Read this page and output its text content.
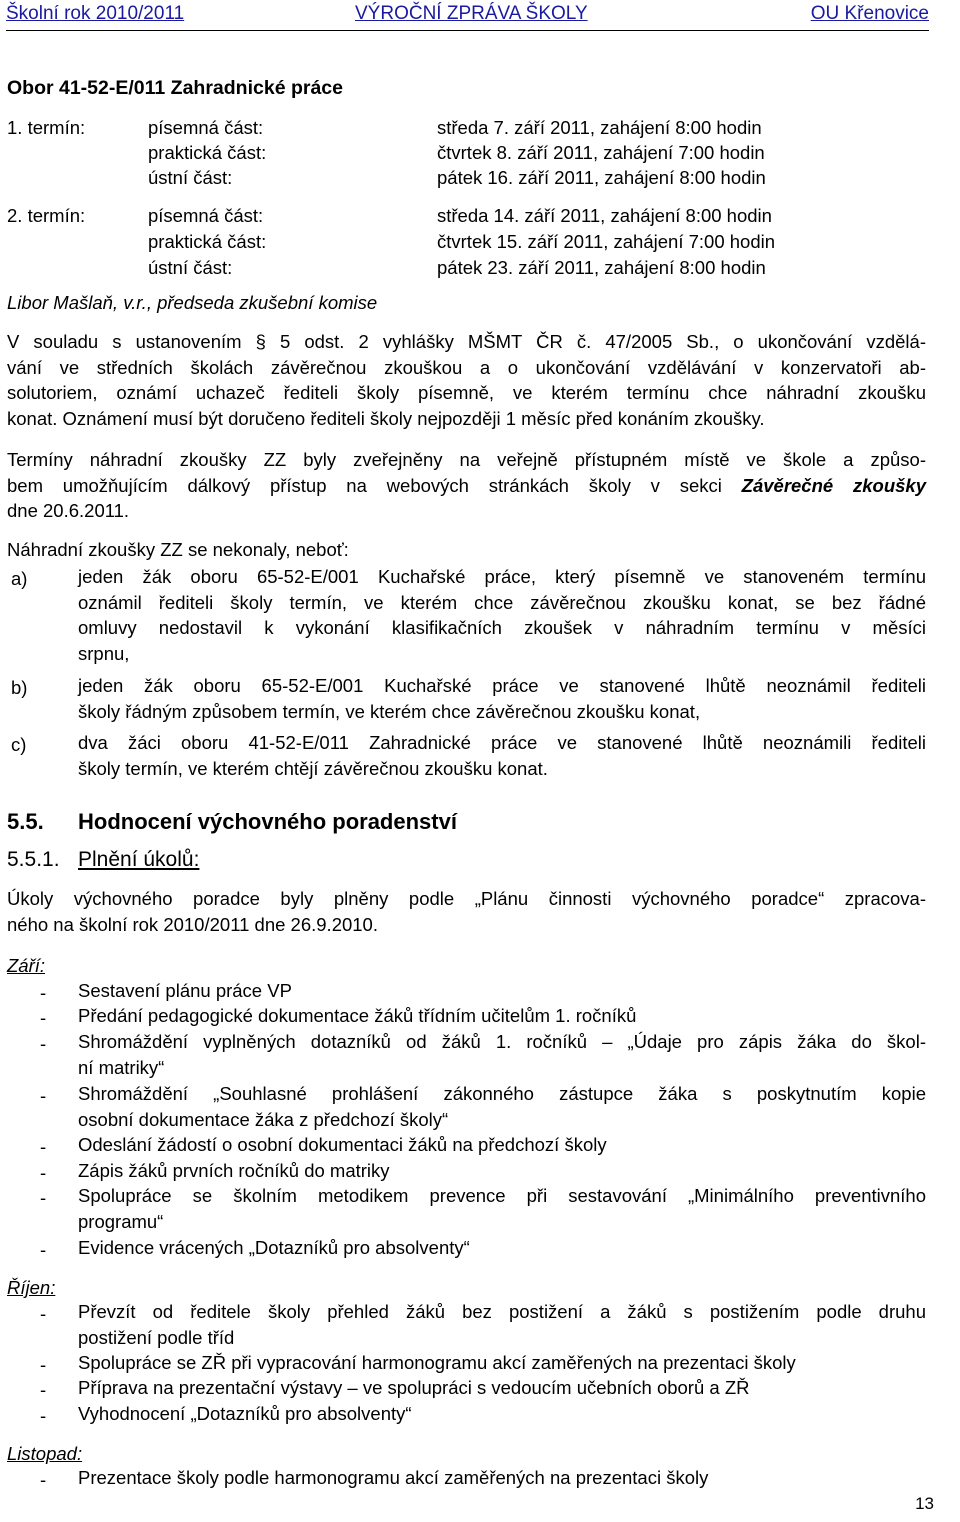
Školní rok 2010/2011	VÝROČNÍ ZPRÁVA ŠKOLY	OU Křenovice
Obor 41-52-E/011 Zahradnické práce
1. termín:	písemná část:	středa 7. září 2011, zahájení 8:00 hodin
praktická část:	čtvrtek 8. září 2011, zahájení 7:00 hodin
ústní část:	pátek 16. září 2011, zahájení 8:00 hodin
2. termín:	písemná část:	středa 14. září 2011, zahájení 8:00 hodin
praktická část:	čtvrtek 15. září 2011, zahájení 7:00 hodin
ústní část:	pátek 23. září 2011, zahájení 8:00 hodin
Libor Mašlaň, v.r., předseda zkušební komise
V souladu s ustanovením § 5 odst. 2 vyhlášky MŠMT ČR č. 47/2005 Sb., o ukončování vzdělá-
vání ve středních školách závěrečnou zkouškou a o ukončování vzdělávání v konzervatoři ab-
solutoriem, oznámí uchazeč řediteli školy písemně, ve kterém termínu chce náhradní zkoušku
konat. Oznámení musí být doručeno řediteli školy nejpozději 1 měsíc před konáním zkoušky.
Termíny náhradní zkoušky ZZ byly zveřejněny na veřejně přístupném místě ve škole a způso-
bem umožňujícím dálkový přístup na webových stránkách školy v sekci Závěrečné zkoušky
dne 20.6.2011.
Náhradní zkoušky ZZ se nekonaly, neboť:
a)	jeden žák oboru 65-52-E/001 Kuchařské práce, který písemně ve stanoveném termínu
oznámil řediteli školy termín, ve kterém chce závěrečnou zkoušku konat, se bez řádné
omluvy nedostavil k vykonání klasifikačních zkoušek v náhradním termínu v měsíci
srpnu,
b)	jeden žák oboru 65-52-E/001 Kuchařské práce ve stanovené lhůtě neoznámil řediteli
školy řádným způsobem termín, ve kterém chce závěrečnou zkoušku konat,
c)	dva žáci oboru 41-52-E/011 Zahradnické práce ve stanovené lhůtě neoznámili řediteli
školy termín, ve kterém chtějí závěrečnou zkoušku konat.
5.5. Hodnocení výchovného poradenství
5.5.1. Plnění úkolů:
Úkoly výchovného poradce byly plněny podle „Plánu činnosti výchovného poradce“ zpracova-
ného na školní rok 2010/2011 dne 26.9.2010.
Září:
- Sestavení plánu práce VP
- Předání pedagogické dokumentace žáků třídním učitelům 1. ročníků
- Shromáždění vyplněných dotazníků od žáků 1. ročníků – „Údaje pro zápis žáka do škol-
ní matriky“
- Shromáždění „Souhlasné prohlášení zákonného zástupce žáka s poskytnutím kopie
osobní dokumentace žáka z předchozí školy“
- Odeslání žádostí o osobní dokumentaci žáků na předchozí školy
- Zápis žáků prvních ročníků do matriky
- Spolupráce se školním metodikem prevence při sestavování „Minimálního preventivního
programu“
- Evidence vrácených „Dotazníků pro absolventy“
Říjen:
- Převzít od ředitele školy přehled žáků bez postižení a žáků s postižením podle druhu
postižení podle tříd
- Spolupráce se ZŘ při vypracování harmonogramu akcí zaměřených na prezentaci školy
- Příprava na prezentační výstavy – ve spolupráci s vedoucím učebních oborů a ZŘ
- Vyhodnocení „Dotazníků pro absolventy“
Listopad:
- Prezentace školy podle harmonogramu akcí zaměřených na prezentaci školy
13
